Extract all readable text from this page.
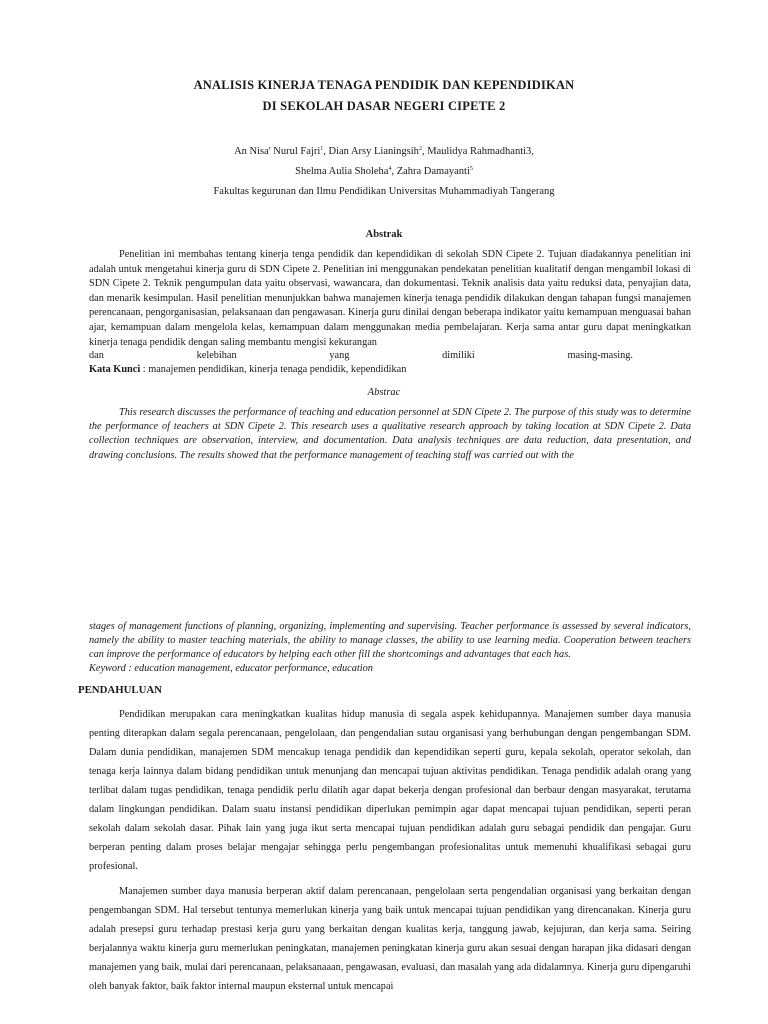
ANALISIS KINERJA TENAGA PENDIDIK DAN KEPENDIDIKAN
DI SEKOLAH DASAR NEGERI CIPETE 2
An Nisa' Nurul Fajri$^1$, Dian Arsy Lianingsih$^2$, Maulidya Rahmadhanti3,
Shelma Aulia Sholeha$^4$, Zahra Damayanti$^5$
Fakultas kegurunan dan Ilmu Pendidikan Universitas Muhammadiyah Tangerang
Abstrak

Penelitian ini membahas tentang kinerja tenga pendidik dan kependidikan di sekolah SDN Cipete 2. Tujuan diadakannya penelitian ini adalah untuk mengetahui kinerja guru di SDN Cipete 2. Penelitian ini menggunakan pendekatan penelitian kualitatif dengan mengambil lokasi di SDN Cipete 2. Teknik pengumpulan data yaitu observasi, wawancara, dan dokumentasi. Teknik analisis data yaitu reduksi data, penyajian data, dan menarik kesimpulan. Hasil penelitian menunjukkan bahwa manajemen kinerja tenaga pendidik dilakukan dengan tahapan fungsi manajemen perencanaan, pengorganisasian, pelaksanaan dan pengawasan. Kinerja guru dinilai dengan beberapa indikator yaitu kemampuan menguasai bahan ajar, kemampuan dalam mengelola kelas, kemampuan dalam menggunakan media pembelajaran. Kerja sama antar guru dapat meningkatkan kinerja tenaga pendidik dengan saling membantu mengisi kekurangan

dan	kelebihan	yang	dimiliki	masing-masing.
Kata Kunci : manajemen pendidikan, kinerja tenaga pendidik, kependidikan
Abstrac

This research discusses the performance of teaching and education personnel at SDN Cipete 2. The purpose of this study was to determine the performance of teachers at SDN Cipete 2. This research uses a qualitative research approach by taking location at SDN Cipete 2. Data collection techniques are observation, interview, and documentation. Data analysis techniques are data reduction, data presentation, and drawing conclusions. The results showed that the performance management of teaching staff was carried out with the

stages of management functions of planning, organizing, implementing and supervising. Teacher performance is assessed by several indicators, namely the ability to master teaching materials, the ability to manage classes, the ability to use learning media. Cooperation between teachers can improve the performance of educators by helping each other fill the shortcomings and advantages that each has.

Keyword : education management, educator performance, education
PENDAHULUAN

Pendidikan merupakan cara meningkatkan kualitas hidup manusia di segala aspek kehidupannya. Manajemen sumber daya manusia penting diterapkan dalam segala perencanaan, pengelolaan, dan pengendalian sutau organisasi yang berhubungan dengan pengembangan SDM. Dalam dunia pendidikan, manajemen SDM mencakup tenaga pendidik dan kependidikan seperti guru, kepala sekolah, operator sekolah, dan tenaga kerja lainnya dalam bidang pendidikan untuk menunjang dan mencapai tujuan aktivitas pendidikan. Tenaga pendidik adalah orang yang terlibat dalam tugas pendidikan, tenaga pendidik perlu dilatih agar dapat bekerja dengan profesional dan berbaur dengan masyarakat, terutama dalam lingkungan pendidikan. Dalam suatu instansi pendidikan diperlukan pemimpin agar dapat mencapai tujuan pendidikan, seperti peran sekolah dalam sekolah dasar. Pihak lain yang juga ikut serta mencapai tujuan pendidikan adalah guru sebagai pendidik dan pengajar. Guru berperan penting dalam proses belajar mengajar sehingga perlu pengembangan profesionalitas untuk memenuhi khualifikasi sebagai guru profesional.

Manajemen sumber daya manusia berperan aktif dalam perencanaan, pengelolaan serta pengendalian organisasi yang berkaitan dengan pengembangan SDM. Hal tersebut tentunya memerlukan kinerja yang baik untuk mencapai tujuan pendidikan yang direncanakan. Kinerja guru adalah presepsi guru terhadap prestasi kerja guru yang berkaitan dengan kualitas kerja, tanggung jawab, kejujuran, dan kerja sama. Seiring berjalannya waktu kinerja guru memerlukan peningkatan, manajemen peningkatan kinerja guru akan sesuai dengan harapan jika didasari dengan manajemen yang baik, mulai dari perencanaan, pelaksanaaan, pengawasan, evaluasi, dan masalah yang ada didalamnya. Kinerja guru dipengaruhi oleh banyak faktor, baik faktor internal maupun eksternal untuk mencapai
